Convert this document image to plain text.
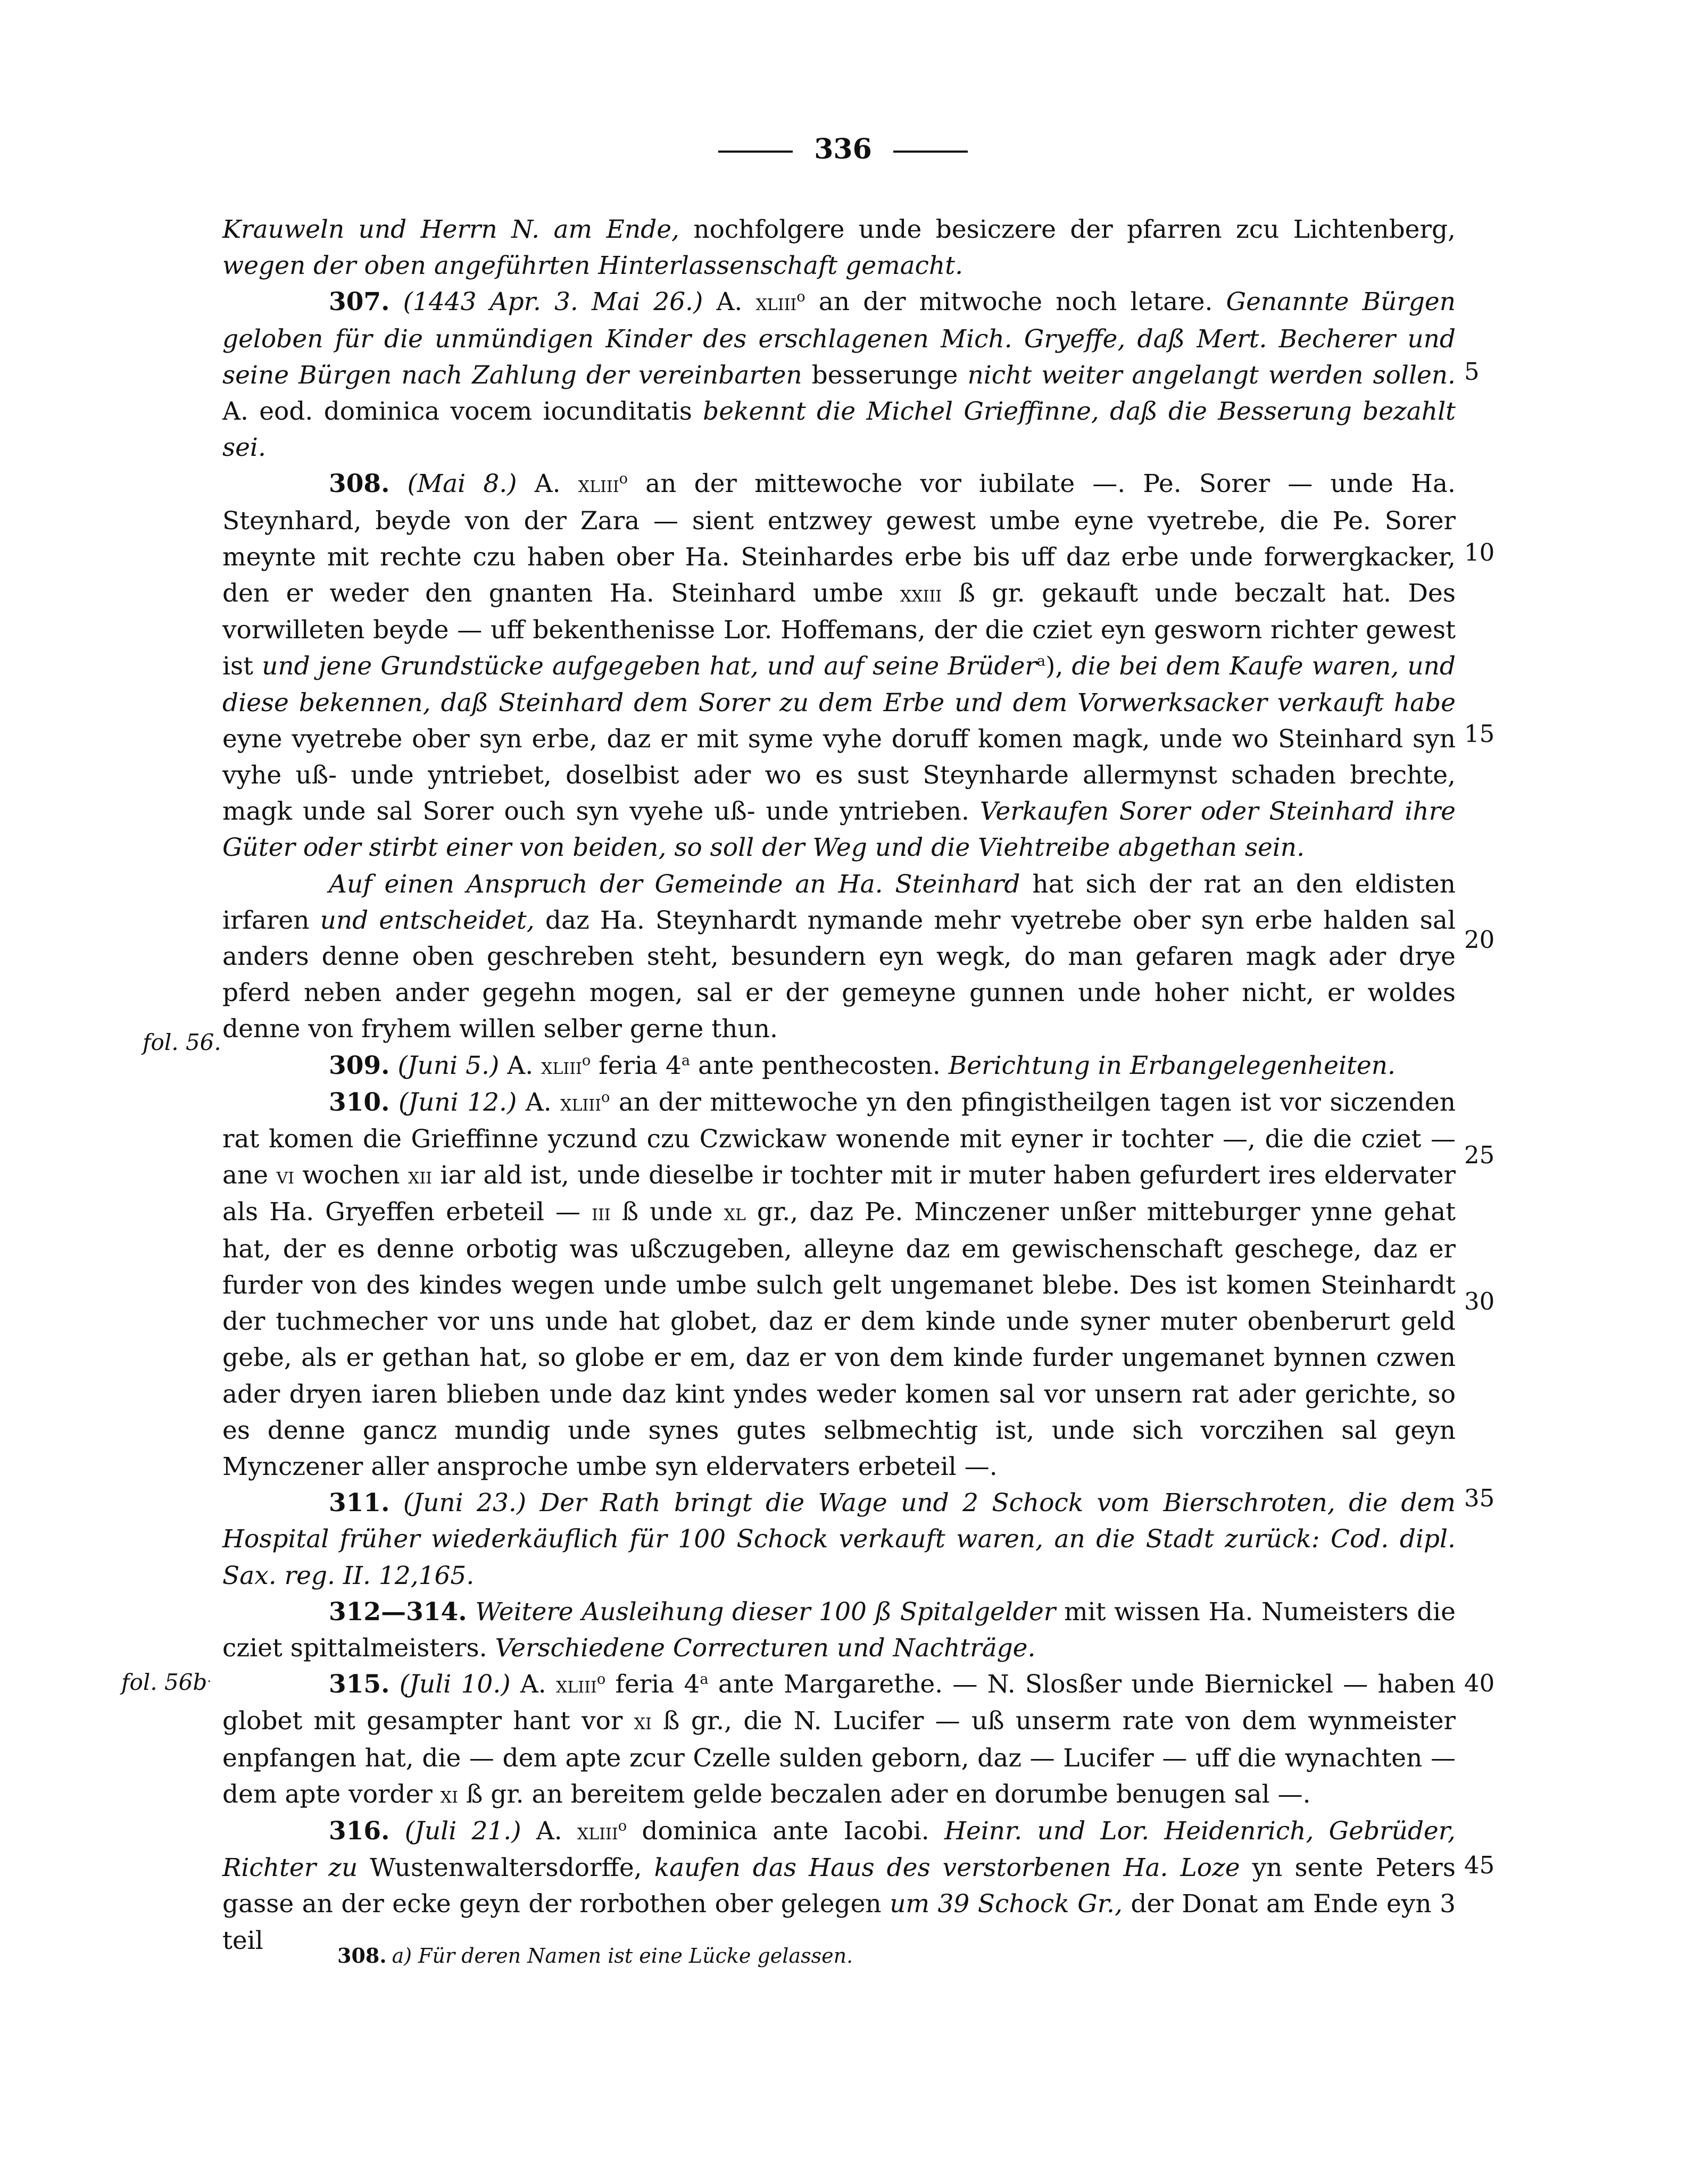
336

Krauweln und Herrn N. am Ende, nochfolgere unde besiczere der pfarren zcu Lichtenberg, wegen der oben angeführten Hinterlassenschaft gemacht.

307. (1443 Apr. 3. Mai 26.) A. xliii$^o$ an der mitwoche noch letare. Genannte Bürgen geloben für die unmündigen Kinder des erschlagenen Mich. Gryeffe, daß Mert. Becherer und seine Bürgen nach Zahlung der vereinbarten besserunge nicht weiter angelangt werden sollen. A. eod. dominica vocem iocunditatis bekennt die Michel Grieffinne, daß die Besserung bezahlt sei.

308. (Mai 8.) A. xliii$^o$ an der mittewoche vor iubilate —. Pe. Sorer — unde Ha. Steynhard, beyde von der Zara — sient entzwey gewest umbe eyne vyetrebe, die Pe. Sorer meynte mit rechte czu haben ober Ha. Steinhardes erbe bis uff daz erbe unde forwergkacker, den er weder den gnanten Ha. Steinhard umbe xxiii ß gr. gekauft unde beczalt hat. Des vorwilleten beyde — uff bekenthenisse Lor. Hoffemans, der die cziet eyn gesworn richter gewest ist und jene Grundstücke aufgegeben hat, und auf seine Brüder$^a$), die bei dem Kaufe waren, und diese bekennen, daß Steinhard dem Sorer zu dem Erbe und dem Vorwerksacker verkauft habe eyne vyetrebe ober syn erbe, daz er mit syme vyhe doruff komen magk, unde wo Steinhard syn vyhe uß- unde yntriebet, doselbist ader wo es sust Steynharde allermynst schaden brechte, magk unde sal Sorer ouch syn vyehe uß- unde yntrieben. Verkaufen Sorer oder Steinhard ihre Güter oder stirbt einer von beiden, so soll der Weg und die Viehtreibe abgethan sein.

Auf einen Anspruch der Gemeinde an Ha. Steinhard hat sich der rat an den eldisten irfaren und entscheidet, daz Ha. Steynhardt nymande mehr vyetrebe ober syn erbe halden sal anders denne oben geschreben steht, besundern eyn wegk, do man gefaren magk ader drye pferd neben ander gegehn mogen, sal er der gemeyne gunnen unde hoher nicht, er woldes denne von fryhem willen selber gerne thun.

309. (Juni 5.) A. xliii$^o$ feria 4$^a$ ante penthecosten. Berichtung in Erbangelegenheiten.

310. (Juni 12.) A. xliii$^o$ an der mittewoche yn den pfingistheilgen tagen ist vor siczenden rat komen die Grieffinne yczund czu Czwickaw wonende mit eyner ir tochter —, die die cziet — ane vi wochen xii iar ald ist, unde dieselbe ir tochter mit ir muter haben gefurdert ires eldervater als Ha. Gryeffen erbeteil — iii ß unde xl gr., daz Pe. Minczener unßer mitteburger ynne gehat hat, der es denne orbotig was ußczugeben, alleyne daz em gewischenschaft geschege, daz er furder von des kindes wegen unde umbe sulch gelt ungemanet blebe. Des ist komen Steinhardt der tuchmecher vor uns unde hat globet, daz er dem kinde unde syner muter obenberurt geld gebe, als er gethan hat, so globe er em, daz er von dem kinde furder ungemanet bynnen czwen ader dryen iaren blieben unde daz kint yndes weder komen sal vor unsern rat ader gerichte, so es denne gancz mundig unde synes gutes selbmechtig ist, unde sich vorczihen sal geyn Mynczener aller ansproche umbe syn eldervaters erbeteil —.

311. (Juni 23.) Der Rath bringt die Wage und 2 Schock vom Bierschroten, die dem Hospital früher wiederkäuflich für 100 Schock verkauft waren, an die Stadt zurück: Cod. dipl. Sax. reg. II. 12,165.

312—314. Weitere Ausleihung dieser 100 ß Spitalgelder mit wissen Ha. Numeisters die cziet spittalmeisters. Verschiedene Correcturen und Nachträge.

315. (Juli 10.) A. xliii$^o$ feria 4$^a$ ante Margarethe. — N. Slosßer unde Biernickel — haben globet mit gesampter hant vor xi ß gr., die N. Lucifer — uß unserm rate von dem wynmeister enpfangen hat, die — dem apte zcur Czelle sulden geborn, daz — Lucifer — uff die wynachten — dem apte vorder xi ß gr. an bereitem gelde beczalen ader en dorumbe benugen sal —.

316. (Juli 21.) A. xliii$^o$ dominica ante Iacobi. Heinr. und Lor. Heidenrich, Gebrüder, Richter zu Wustenwaltersdorffe, kaufen das Haus des verstorbenen Ha. Loze yn sente Peters gasse an der ecke geyn der rorbothen ober gelegen um 39 Schock Gr., der Donat am Ende eyn 3 teil

fol. 56.
fol. 56b.
5
10
15
20
25
30
35
40
45
308. a) Für deren Namen ist eine Lücke gelassen.
